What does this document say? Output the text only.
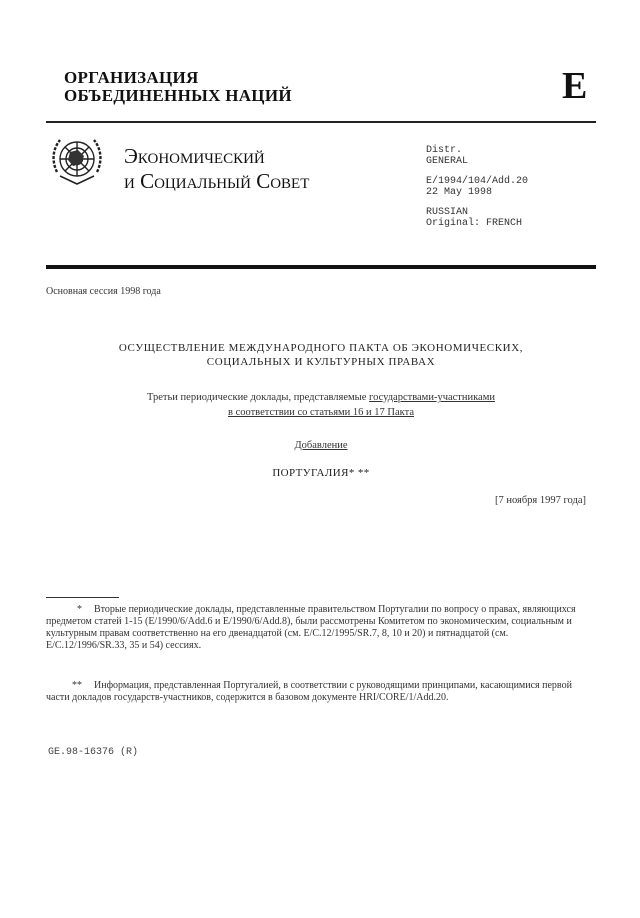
ОРГАНИЗАЦИЯ
ОБЪЕДИНЕННЫХ НАЦИЙ	E
Экономический
и Социальный Совет
Distr.
GENERAL
E/1994/104/Add.20
22 May 1998
RUSSIAN
Original: FRENCH
Основная сессия 1998 года
ОСУЩЕСТВЛЕНИЕ МЕЖДУНАРОДНОГО ПАКТА ОБ ЭКОНОМИЧЕСКИХ,
СОЦИАЛЬНЫХ И КУЛЬТУРНЫХ ПРАВАХ
Третьи периодические доклады, представляемые государствами-участниками
в соответствии со статьями 16 и 17 Пакта
Добавление
ПОРТУГАЛИЯ* **
[7 ноября 1997 года]
* Вторые периодические доклады, представленные правительством Португалии по вопросу о правах, являющихся предметом статей 1-15 (E/1990/6/Add.6 и E/1990/6/Add.8), были рассмотрены Комитетом по экономическим, социальным и культурным правам соответственно на его двенадцатой (см. E/C.12/1995/SR.7, 8, 10 и 20) и пятнадцатой (см. E/C.12/1996/SR.33, 35 и 54) сессиях.
** Информация, представленная Португалией, в соответствии с руководящими принципами, касающимися первой части докладов государств-участников, содержится в базовом документе HRI/CORE/1/Add.20.
GE.98-16376 (R)
